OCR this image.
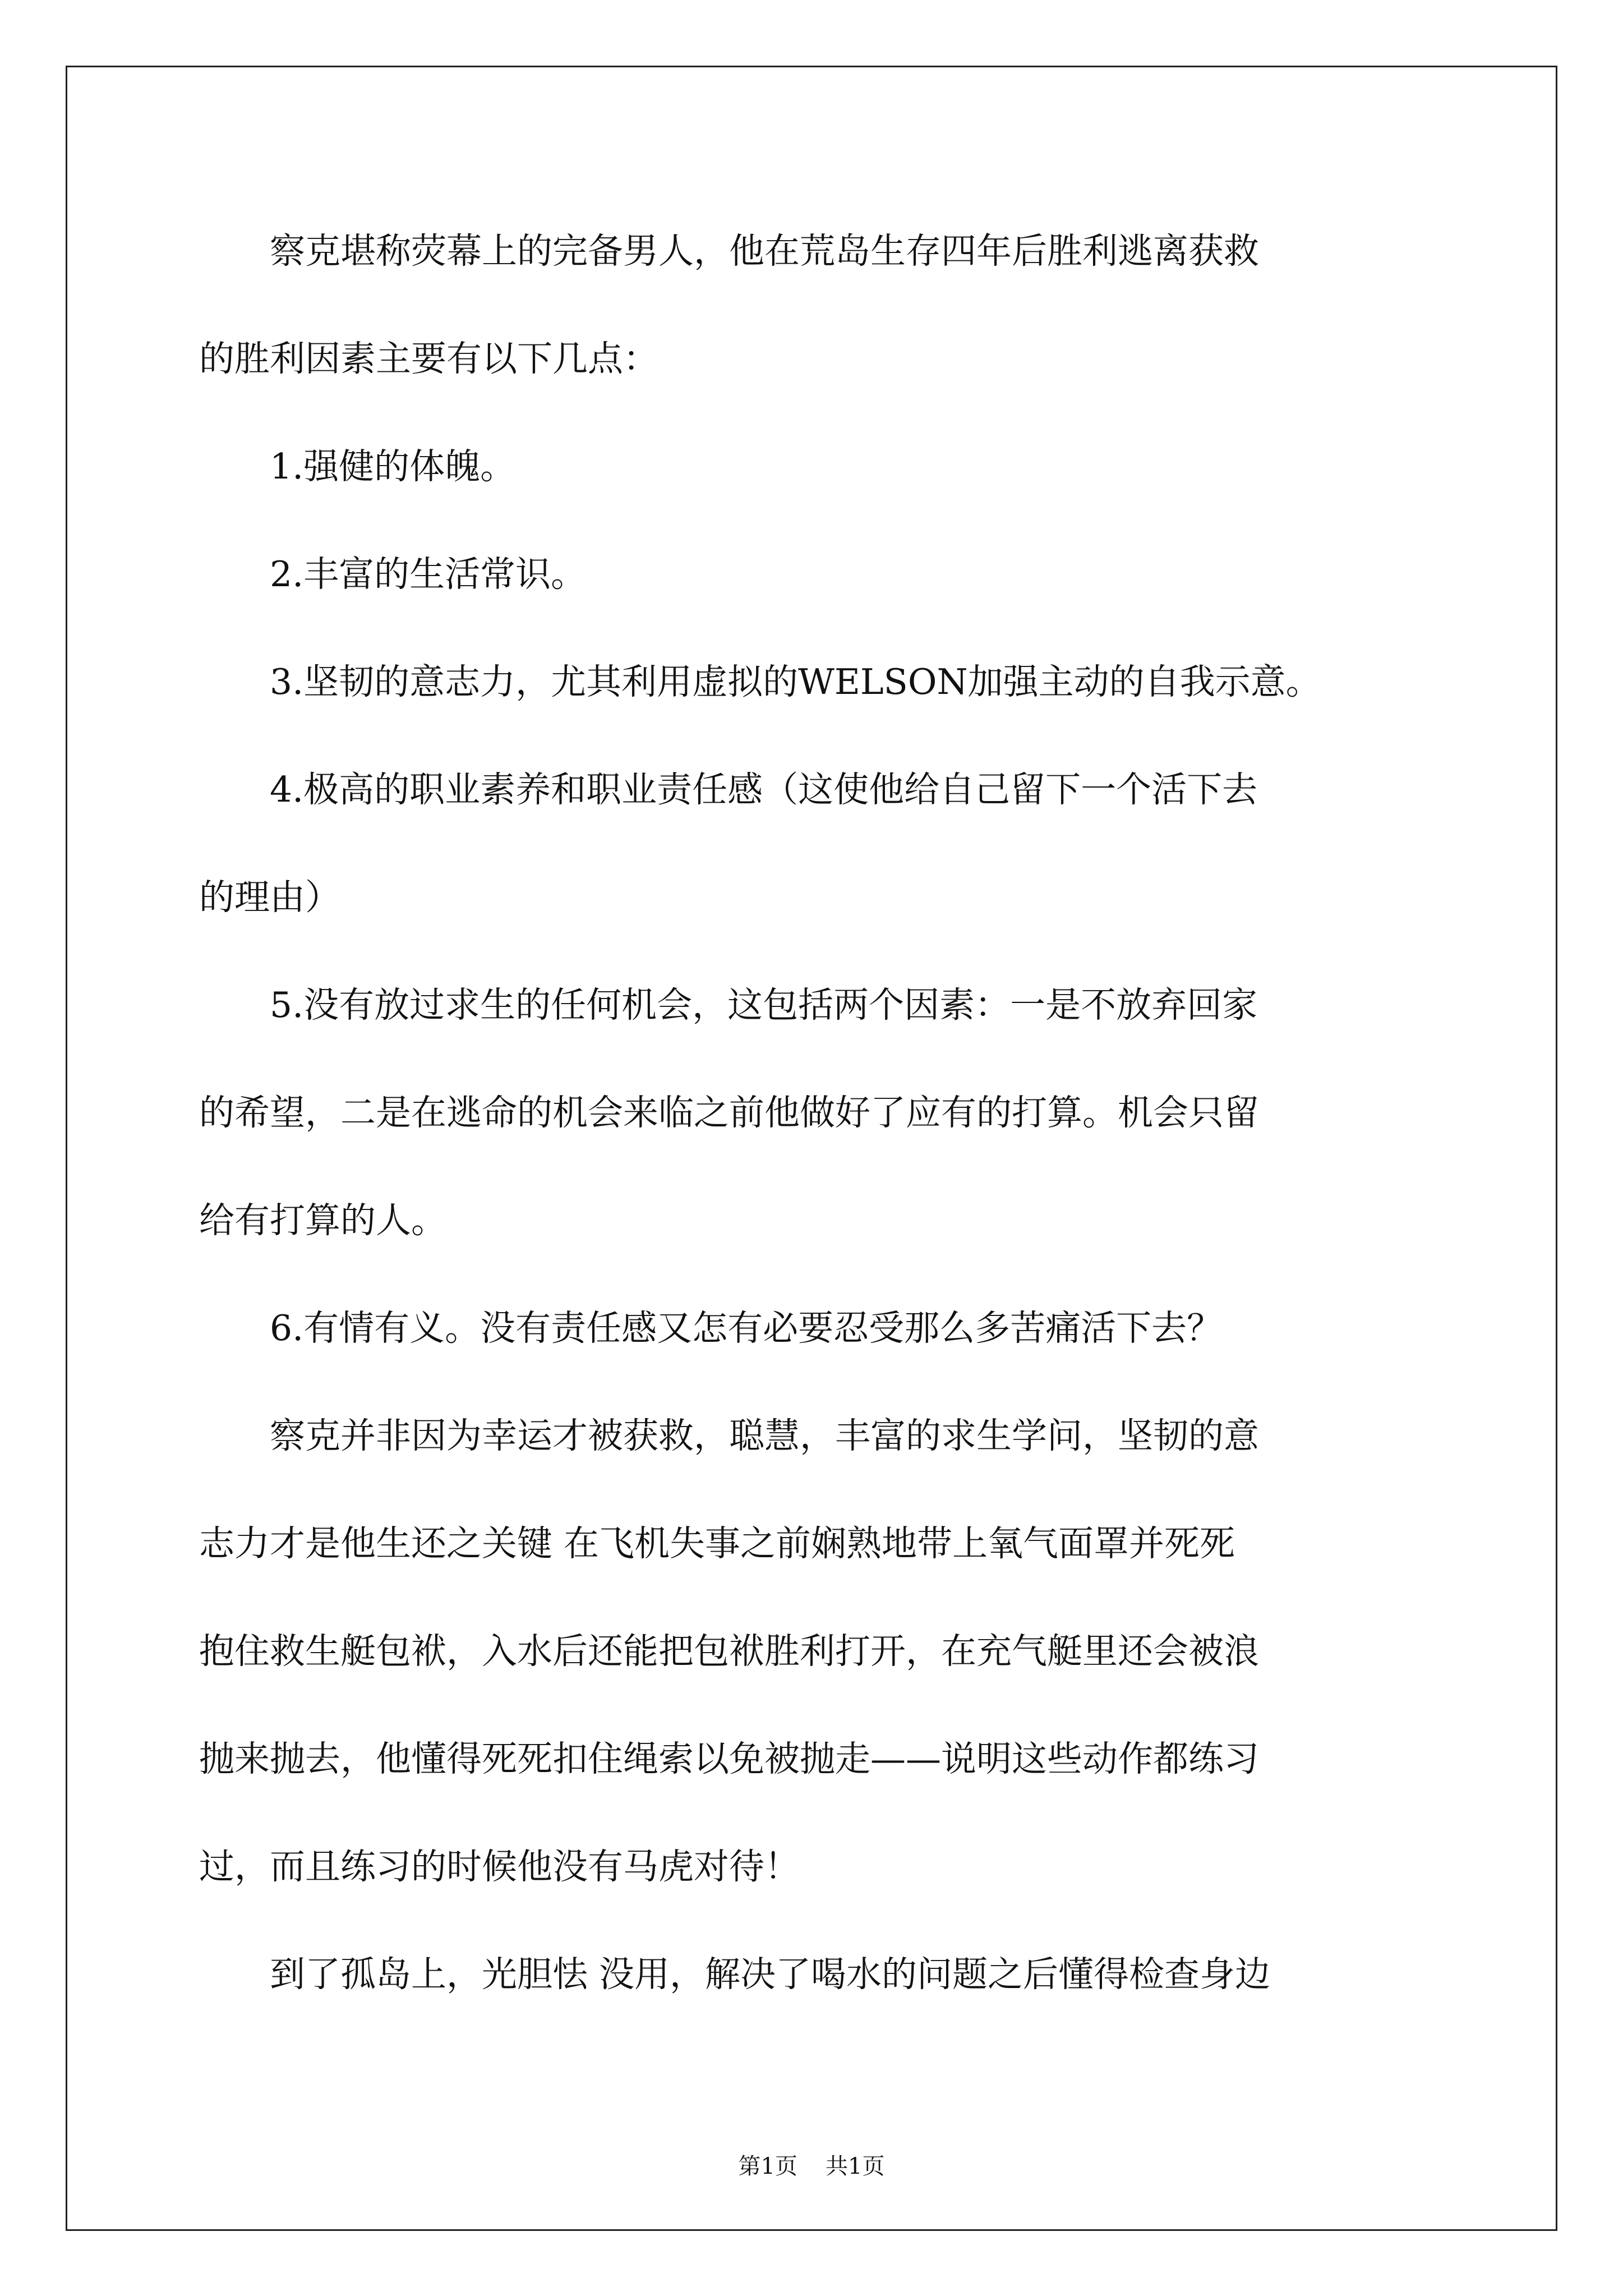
　　察克堪称荧幕上的完备男人，他在荒岛生存四年后胜利逃离获救

的胜利因素主要有以下几点：

　　1.强健的体魄。

　　2.丰富的生活常识。

　　3.坚韧的意志力，尤其利用虚拟的WELSON加强主动的自我示意。

　　4.极高的职业素养和职业责任感（这使他给自己留下一个活下去

的理由）

　　5.没有放过求生的任何机会，这包括两个因素：一是不放弃回家

的希望，二是在逃命的机会来临之前他做好了应有的打算。机会只留

给有打算的人。

　　6.有情有义。没有责任感又怎有必要忍受那么多苦痛活下去？

　　察克并非因为幸运才被获救，聪慧，丰富的求生学问，坚韧的意

志力才是他生还之关键 在飞机失事之前娴熟地带上氧气面罩并死死

抱住救生艇包袱，入水后还能把包袱胜利打开，在充气艇里还会被浪

抛来抛去，他懂得死死扣住绳索以免被抛走——说明这些动作都练习

过，而且练习的时候他没有马虎对待！

　　到了孤岛上，光胆怯 没用，解决了喝水的问题之后懂得检查身边

第1页 共1页
